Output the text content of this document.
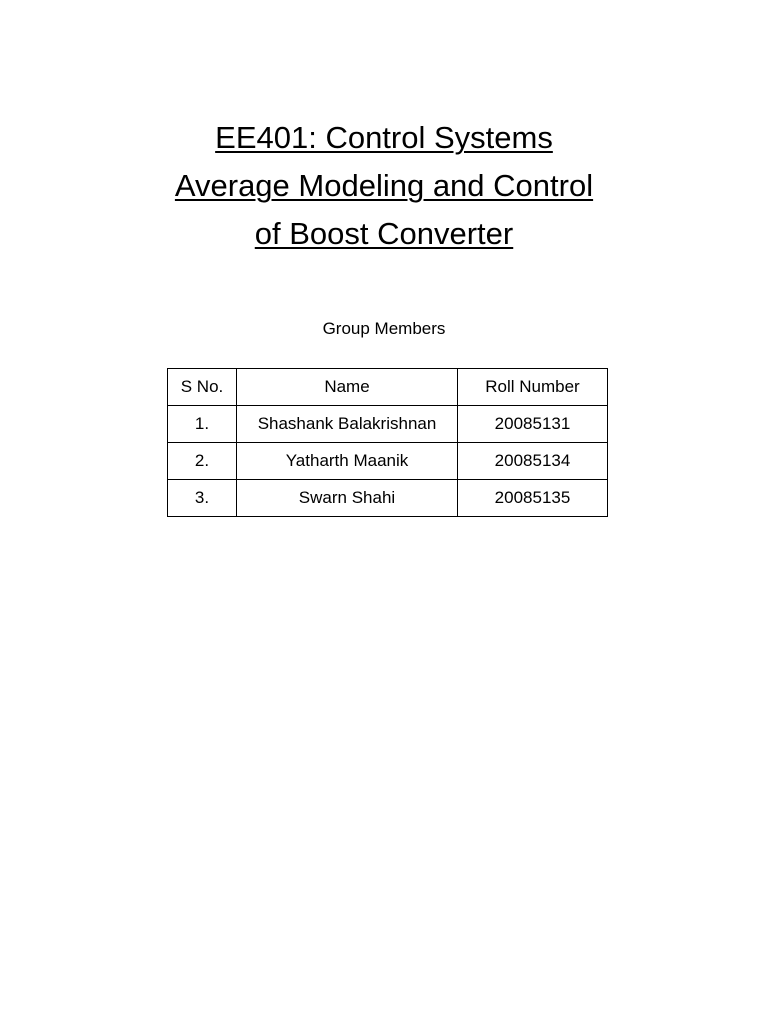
EE401: Control Systems
Average Modeling and Control
of Boost Converter
Group Members
S No.	Name	Roll Number
1.	Shashank Balakrishnan	20085131
2.	Yatharth Maanik	20085134
3.	Swarn Shahi	20085135
